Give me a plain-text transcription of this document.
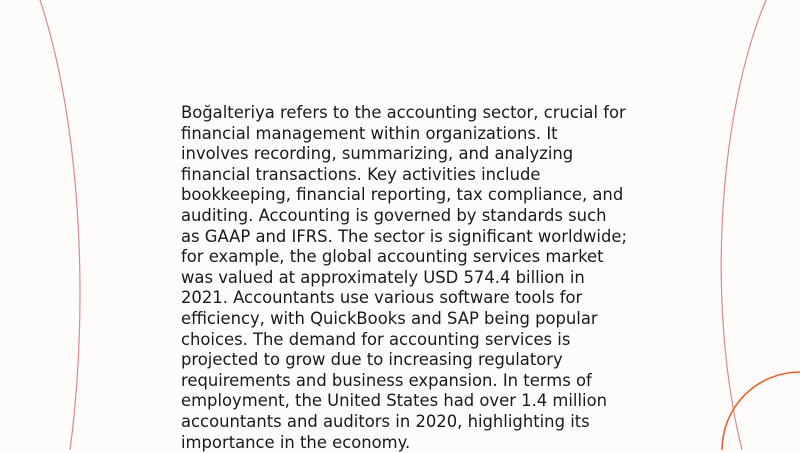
Boğalteriya refers to the accounting sector, crucial for
financial management within organizations. It
involves recording, summarizing, and analyzing
financial transactions. Key activities include
bookkeeping, financial reporting, tax compliance, and
auditing. Accounting is governed by standards such
as GAAP and IFRS. The sector is significant worldwide;
for example, the global accounting services market
was valued at approximately USD 574.4 billion in
2021. Accountants use various software tools for
efficiency, with QuickBooks and SAP being popular
choices. The demand for accounting services is
projected to grow due to increasing regulatory
requirements and business expansion. In terms of
employment, the United States had over 1.4 million
accountants and auditors in 2020, highlighting its
importance in the economy.
